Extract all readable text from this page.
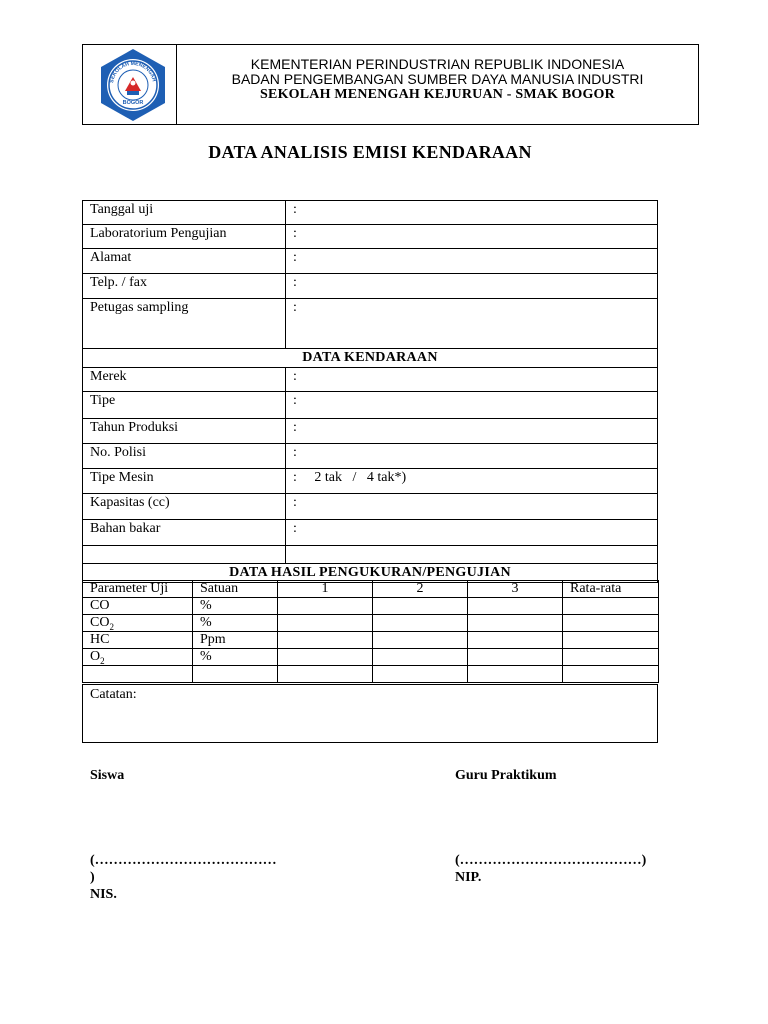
SEKOLAH MENENGAH
BOGOR
KEMENTERIAN PERINDUSTRIAN REPUBLIK INDONESIA
BADAN PENGEMBANGAN SUMBER DAYA MANUSIA INDUSTRI
SEKOLAH MENENGAH KEJURUAN - SMAK BOGOR
DATA ANALISIS EMISI KENDARAAN
Tanggal uji	:
Laboratorium Pengujian	:
Alamat	:
Telp. / fax	:
Petugas sampling	:
DATA KENDARAAN	
Merek	:
Tipe	:
Tahun Produksi	:
No. Polisi	:
Tipe Mesin	:     2 tak   /   4 tak*)
Kapasitas (cc)	:
Bahan bakar	:

DATA HASIL PENGUKURAN/PENGUJIAN	
Parameter Uji	Satuan	1	2	3	Rata-rata
CO	%				
$CO_2$	%				
HC	Ppm				
$O_2$	%				

Catatan:
Siswa	Guru Praktikum
(…………………………………
)
NIS.
(…………………………………)
NIP.
